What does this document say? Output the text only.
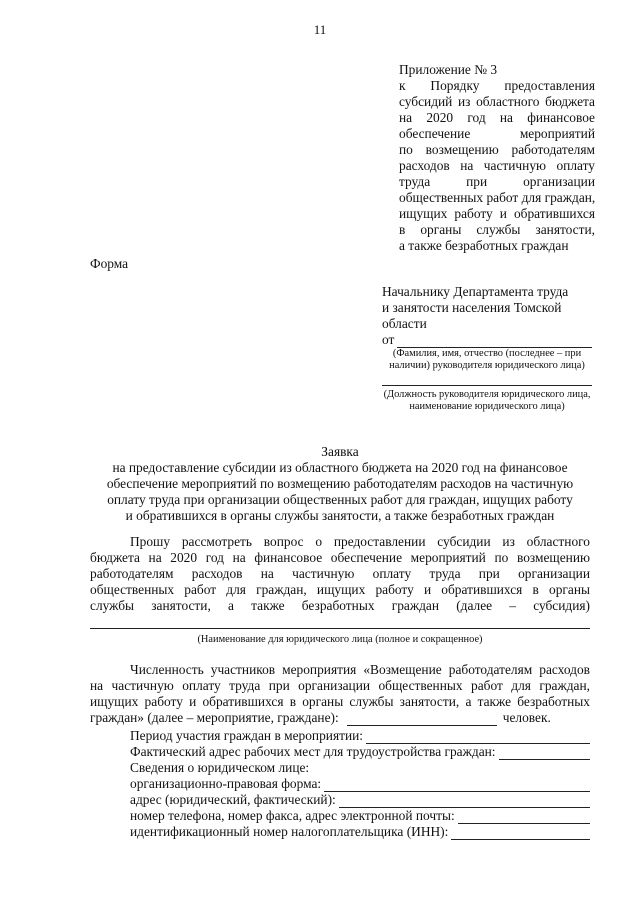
11
Приложение № 3
к Порядку предоставления
субсидий из областного бюджета
на 2020 год на финансовое
обеспечение мероприятий
по возмещению работодателям
расходов на частичную оплату
труда при организации
общественных работ для граждан,
ищущих работу и обратившихся
в органы службы занятости,
а также безработных граждан
Форма
Начальнику Департамента труда
и занятости населения Томской
области
от
(Фамилия, имя, отчество (последнее – при наличии) руководителя юридического лица)
(Должность руководителя юридического лица, наименование юридического лица)
Заявка
на предоставление субсидии из областного бюджета на 2020 год на финансовое
обеспечение мероприятий по возмещению работодателям расходов на частичную
оплату труда при организации общественных работ для граждан, ищущих работу
и обратившихся в органы службы занятости, а также безработных граждан
Прошу рассмотреть вопрос о предоставлении субсидии из областного
бюджета на 2020 год на финансовое обеспечение мероприятий по возмещению
работодателям расходов на частичную оплату труда при организации
общественных работ для граждан, ищущих работу и обратившихся в органы
службы занятости, а также безработных граждан (далее – субсидия)
(Наименование для юридического лица (полное и сокращенное)
Численность участников мероприятия «Возмещение работодателям расходов
на частичную оплату труда при организации общественных работ для граждан,
ищущих работу и обратившихся в органы службы занятости, а также безработных
граждан» (далее – мероприятие, граждане):	человек.
Период участия граждан в мероприятии:
Фактический адрес рабочих мест для трудоустройства граждан:
Сведения о юридическом лице:
организационно-правовая форма:
адрес (юридический, фактический):
номер телефона, номер факса, адрес электронной почты:
идентификационный номер налогоплательщика (ИНН):
